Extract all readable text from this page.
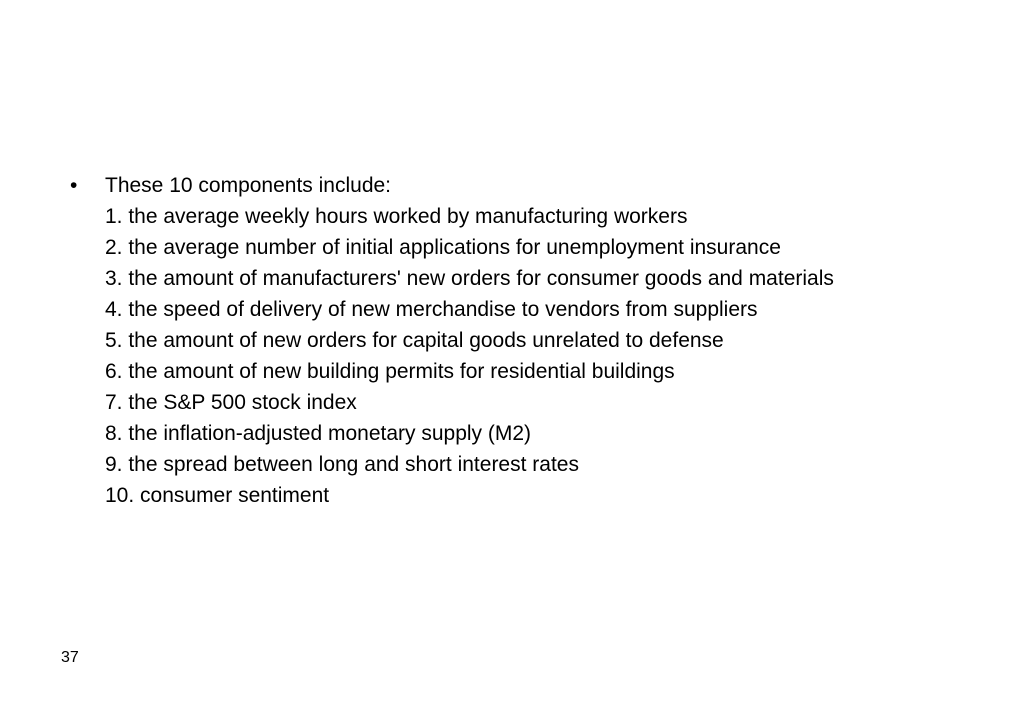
•	These 10 components include:
1. the average weekly hours worked by manufacturing workers
2. the average number of initial applications for unemployment insurance
3. the amount of manufacturers' new orders for consumer goods and materials
4. the speed of delivery of new merchandise to vendors from suppliers
5. the amount of new orders for capital goods unrelated to defense
6. the amount of new building permits for residential buildings
7. the S&P 500 stock index
8. the inflation-adjusted monetary supply (M2)
9. the spread between long and short interest rates
10. consumer sentiment
37
